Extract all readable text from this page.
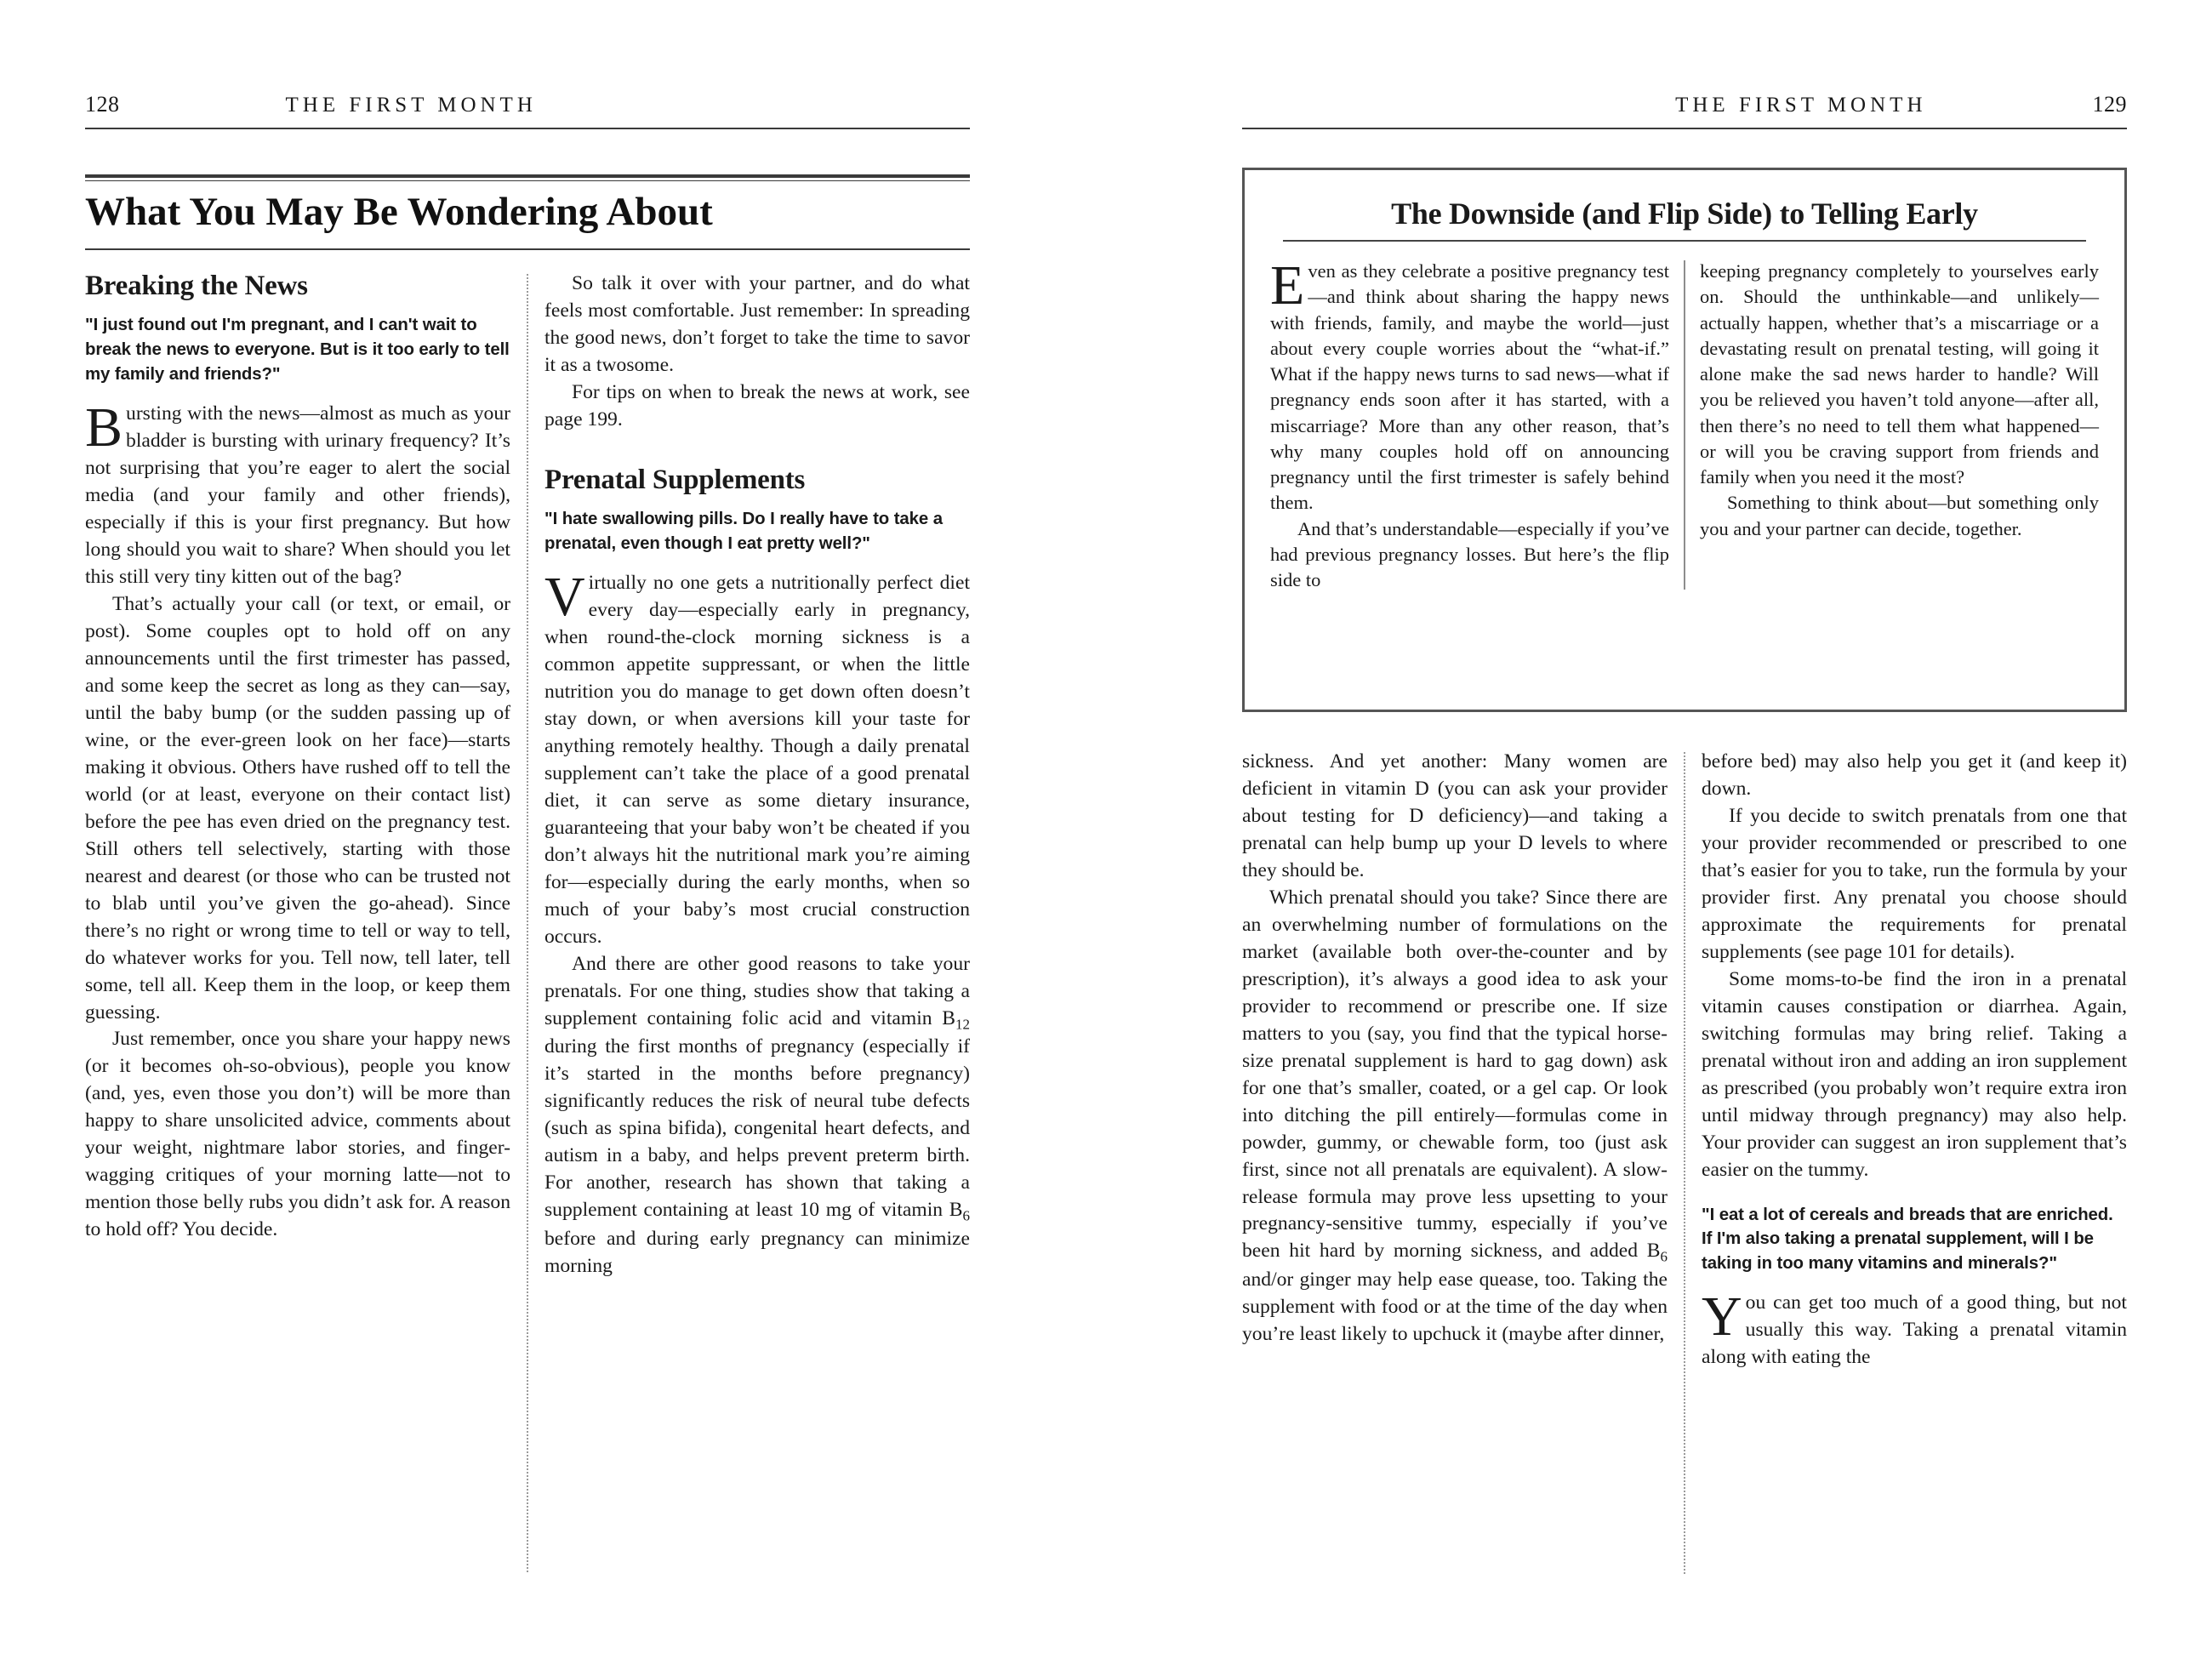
128	THE FIRST MONTH
What You May Be Wondering About
Breaking the News

"I just found out I'm pregnant, and I can't wait to break the news to everyone. But is it too early to tell my family and friends?"

Bursting with the news—almost as much as your bladder is bursting with urinary frequency? It’s not surprising that you’re eager to alert the social media (and your family and other friends), especially if this is your first pregnancy. But how long should you wait to share? When should you let this still very tiny kitten out of the bag?

That’s actually your call (or text, or email, or post). Some couples opt to hold off on any announcements until the first trimester has passed, and some keep the secret as long as they can—say, until the baby bump (or the sudden passing up of wine, or the ever-green look on her face)—starts making it obvious. Others have rushed off to tell the world (or at least, everyone on their contact list) before the pee has even dried on the pregnancy test. Still others tell selectively, starting with those nearest and dearest (or those who can be trusted not to blab until you’ve given the go-ahead). Since there’s no right or wrong time to tell or way to tell, do whatever works for you. Tell now, tell later, tell some, tell all. Keep them in the loop, or keep them guessing.

Just remember, once you share your happy news (or it becomes oh-so-obvious), people you know (and, yes, even those you don’t) will be more than happy to share unsolicited advice, comments about your weight, nightmare labor stories, and finger-wagging critiques of your morning latte—not to mention those belly rubs you didn’t ask for. A reason to hold off? You decide.

So talk it over with your partner, and do what feels most comfortable. Just remember: In spreading the good news, don’t forget to take the time to savor it as a twosome.

For tips on when to break the news at work, see page 199.

Prenatal Supplements

"I hate swallowing pills. Do I really have to take a prenatal, even though I eat pretty well?"

Virtually no one gets a nutritionally perfect diet every day—especially early in pregnancy, when round-the-clock morning sickness is a common appetite suppressant, or when the little nutrition you do manage to get down often doesn’t stay down, or when aversions kill your taste for anything remotely healthy. Though a daily prenatal supplement can’t take the place of a good prenatal diet, it can serve as some dietary insurance, guaranteeing that your baby won’t be cheated if you don’t always hit the nutritional mark you’re aiming for—especially during the early months, when so much of your baby’s most crucial construction occurs.

And there are other good reasons to take your prenatals. For one thing, studies show that taking a supplement containing folic acid and vitamin $B_{12}$ during the first months of pregnancy (especially if it’s started in the months before pregnancy) significantly reduces the risk of neural tube defects (such as spina bifida), congenital heart defects, and autism in a baby, and helps prevent preterm birth. For another, research has shown that taking a supplement containing at least 10 mg of vitamin $B_6$ before and during early pregnancy can minimize morning

THE FIRST MONTH	129
The Downside (and Flip Side) to Telling Early

Even as they celebrate a positive pregnancy test—and think about sharing the happy news with friends, family, and maybe the world—just about every couple worries about the “what-if.” What if the happy news turns to sad news—what if pregnancy ends soon after it has started, with a miscarriage? More than any other reason, that’s why many couples hold off on announcing pregnancy until the first trimester is safely behind them.

And that’s understandable—especially if you’ve had previous pregnancy losses. But here’s the flip side to

keeping pregnancy completely to yourselves early on. Should the unthinkable—and unlikely—actually happen, whether that’s a miscarriage or a devastating result on prenatal testing, will going it alone make the sad news harder to handle? Will you be relieved you haven’t told anyone—after all, then there’s no need to tell them what happened—or will you be craving support from friends and family when you need it the most?

Something to think about—but something only you and your partner can decide, together.

sickness. And yet another: Many women are deficient in vitamin D (you can ask your provider about testing for D deficiency)—and taking a prenatal can help bump up your D levels to where they should be.

Which prenatal should you take? Since there are an overwhelming number of formulations on the market (available both over-the-counter and by prescription), it’s always a good idea to ask your provider to recommend or prescribe one. If size matters to you (say, you find that the typical horse-size prenatal supplement is hard to gag down) ask for one that’s smaller, coated, or a gel cap. Or look into ditching the pill entirely—formulas come in powder, gummy, or chewable form, too (just ask first, since not all prenatals are equivalent). A slow-release formula may prove less upsetting to your pregnancy-sensitive tummy, especially if you’ve been hit hard by morning sickness, and added $B_6$ and/or ginger may help ease quease, too. Taking the supplement with food or at the time of the day when you’re least likely to upchuck it (maybe after dinner,

before bed) may also help you get it (and keep it) down.

If you decide to switch prenatals from one that your provider recommended or prescribed to one that’s easier for you to take, run the formula by your provider first. Any prenatal you choose should approximate the requirements for prenatal supplements (see page 101 for details).

Some moms-to-be find the iron in a prenatal vitamin causes constipation or diarrhea. Again, switching formulas may bring relief. Taking a prenatal without iron and adding an iron supplement as prescribed (you probably won’t require extra iron until midway through pregnancy) may also help. Your provider can suggest an iron supplement that’s easier on the tummy.

"I eat a lot of cereals and breads that are enriched. If I'm also taking a prenatal supplement, will I be taking in too many vitamins and minerals?"

You can get too much of a good thing, but not usually this way. Taking a prenatal vitamin along with eating the
